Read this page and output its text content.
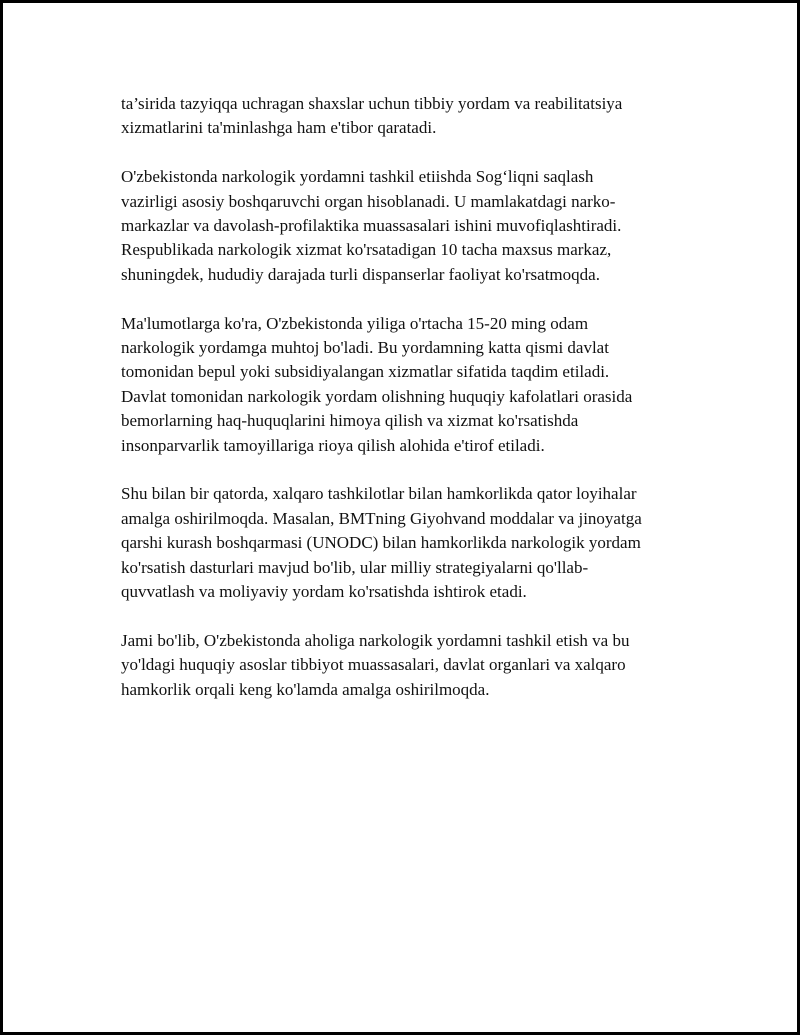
ta’sirida tazyiqqa uchragan shaxslar uchun tibbiy yordam va reabilitatsiya
xizmatlarini ta'minlashga ham e'tibor qaratadi.

O'zbekistonda narkologik yordamni tashkil etiishda Sog‘liqni saqlash
vazirligi asosiy boshqaruvchi organ hisoblanadi. U mamlakatdagi narko-
markazlar va davolash-profilaktika muassasalari ishini muvofiqlashtiradi.
Respublikada narkologik xizmat ko'rsatadigan 10 tacha maxsus markaz,
shuningdek, hududiy darajada turli dispanserlar faoliyat ko'rsatmoqda.

Ma'lumotlarga ko'ra, O'zbekistonda yiliga o'rtacha 15-20 ming odam
narkologik yordamga muhtoj bo'ladi. Bu yordamning katta qismi davlat
tomonidan bepul yoki subsidiyalangan xizmatlar sifatida taqdim etiladi.
Davlat tomonidan narkologik yordam olishning huquqiy kafolatlari orasida
bemorlarning haq-huquqlarini himoya qilish va xizmat ko'rsatishda
insonparvarlik tamoyillariga rioya qilish alohida e'tirof etiladi.

Shu bilan bir qatorda, xalqaro tashkilotlar bilan hamkorlikda qator loyihalar
amalga oshirilmoqda. Masalan, BMTning Giyohvand moddalar va jinoyatga
qarshi kurash boshqarmasi (UNODC) bilan hamkorlikda narkologik yordam
ko'rsatish dasturlari mavjud bo'lib, ular milliy strategiyalarni qo'llab-
quvvatlash va moliyaviy yordam ko'rsatishda ishtirok etadi.

Jami bo'lib, O'zbekistonda aholiga narkologik yordamni tashkil etish va bu
yo'ldagi huquqiy asoslar tibbiyot muassasalari, davlat organlari va xalqaro
hamkorlik orqali keng ko'lamda amalga oshirilmoqda.
